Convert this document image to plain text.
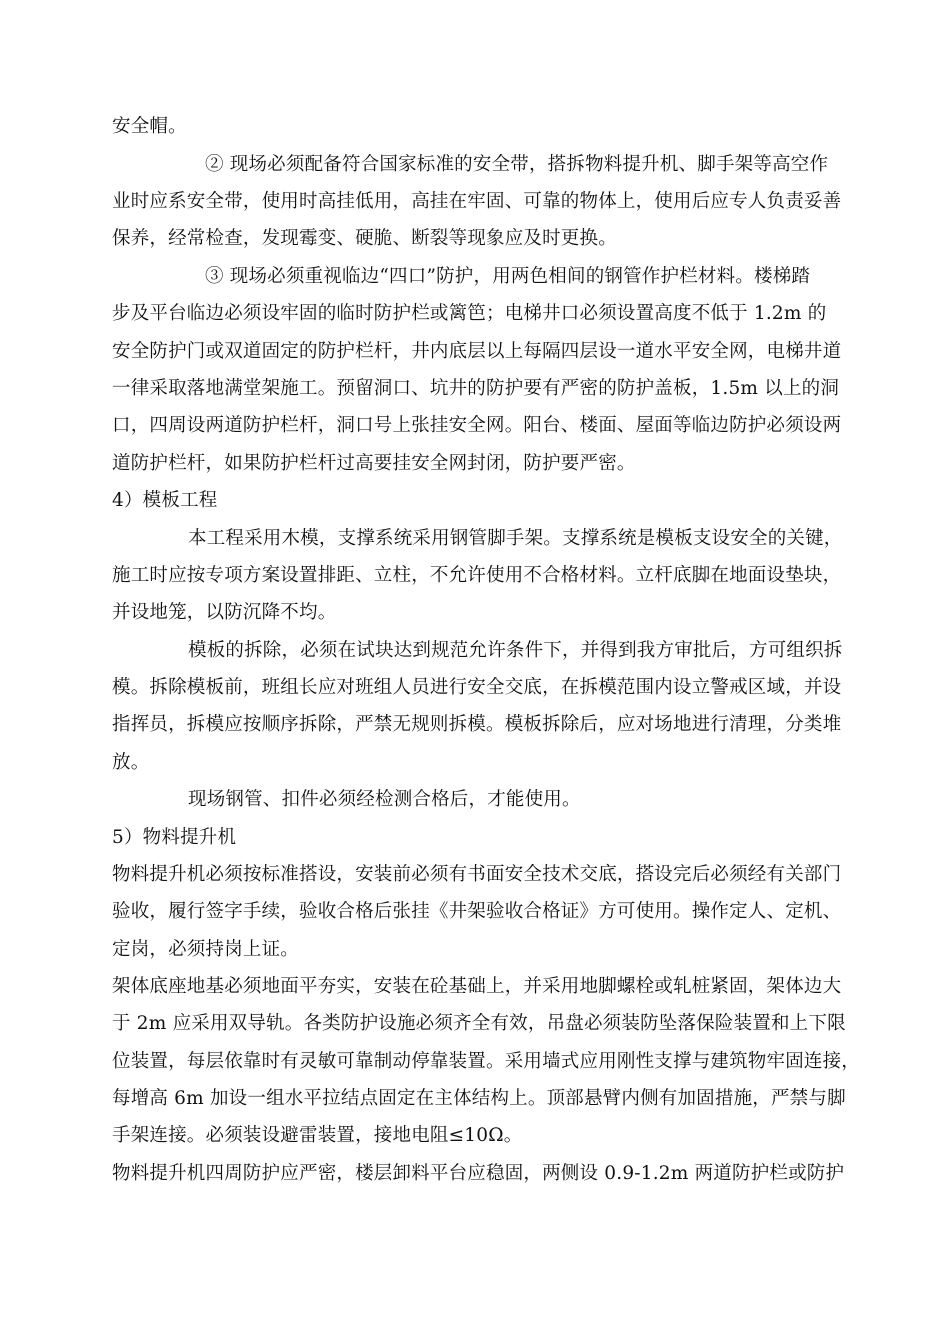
安全帽。
② 现场必须配备符合国家标准的安全带，搭拆物料提升机、脚手架等高空作
业时应系安全带，使用时高挂低用，高挂在牢固、可靠的物体上，使用后应专人负责妥善
保养，经常检查，发现霉变、硬脆、断裂等现象应及时更换。
③ 现场必须重视临边“四口”防护，用两色相间的钢管作护栏材料。楼梯踏
步及平台临边必须设牢固的临时防护栏或篱笆；电梯井口必须设置高度不低于 1.2m 的
安全防护门或双道固定的防护栏杆，井内底层以上每隔四层设一道水平安全网，电梯井道
一律采取落地满堂架施工。预留洞口、坑井的防护要有严密的防护盖板，1.5m 以上的洞
口，四周设两道防护栏杆，洞口号上张挂安全网。阳台、楼面、屋面等临边防护必须设两
道防护栏杆，如果防护栏杆过高要挂安全网封闭，防护要严密。
4）模板工程
本工程采用木模，支撑系统采用钢管脚手架。支撑系统是模板支设安全的关键，
施工时应按专项方案设置排距、立柱，不允许使用不合格材料。立杆底脚在地面设垫块，
并设地笼，以防沉降不均。
模板的拆除，必须在试块达到规范允许条件下，并得到我方审批后，方可组织拆
模。拆除模板前，班组长应对班组人员进行安全交底，在拆模范围内设立警戒区域，并设
指挥员，拆模应按顺序拆除，严禁无规则拆模。模板拆除后，应对场地进行清理，分类堆
放。
现场钢管、扣件必须经检测合格后，才能使用。
5）物料提升机
物料提升机必须按标准搭设，安装前必须有书面安全技术交底，搭设完后必须经有关部门
验收，履行签字手续，验收合格后张挂《井架验收合格证》方可使用。操作定人、定机、
定岗，必须持岗上证。
架体底座地基必须地面平夯实，安装在砼基础上，并采用地脚螺栓或轧桩紧固，架体边大
于 2m 应采用双导轨。各类防护设施必须齐全有效，吊盘必须装防坠落保险装置和上下限
位装置，每层依靠时有灵敏可靠制动停靠装置。采用墙式应用刚性支撑与建筑物牢固连接，
每增高 6m 加设一组水平拉结点固定在主体结构上。顶部悬臂内侧有加固措施，严禁与脚
手架连接。必须装设避雷装置，接地电阻≤10Ω。
物料提升机四周防护应严密，楼层卸料平台应稳固，两侧设 0.9-1.2m 两道防护栏或防护
